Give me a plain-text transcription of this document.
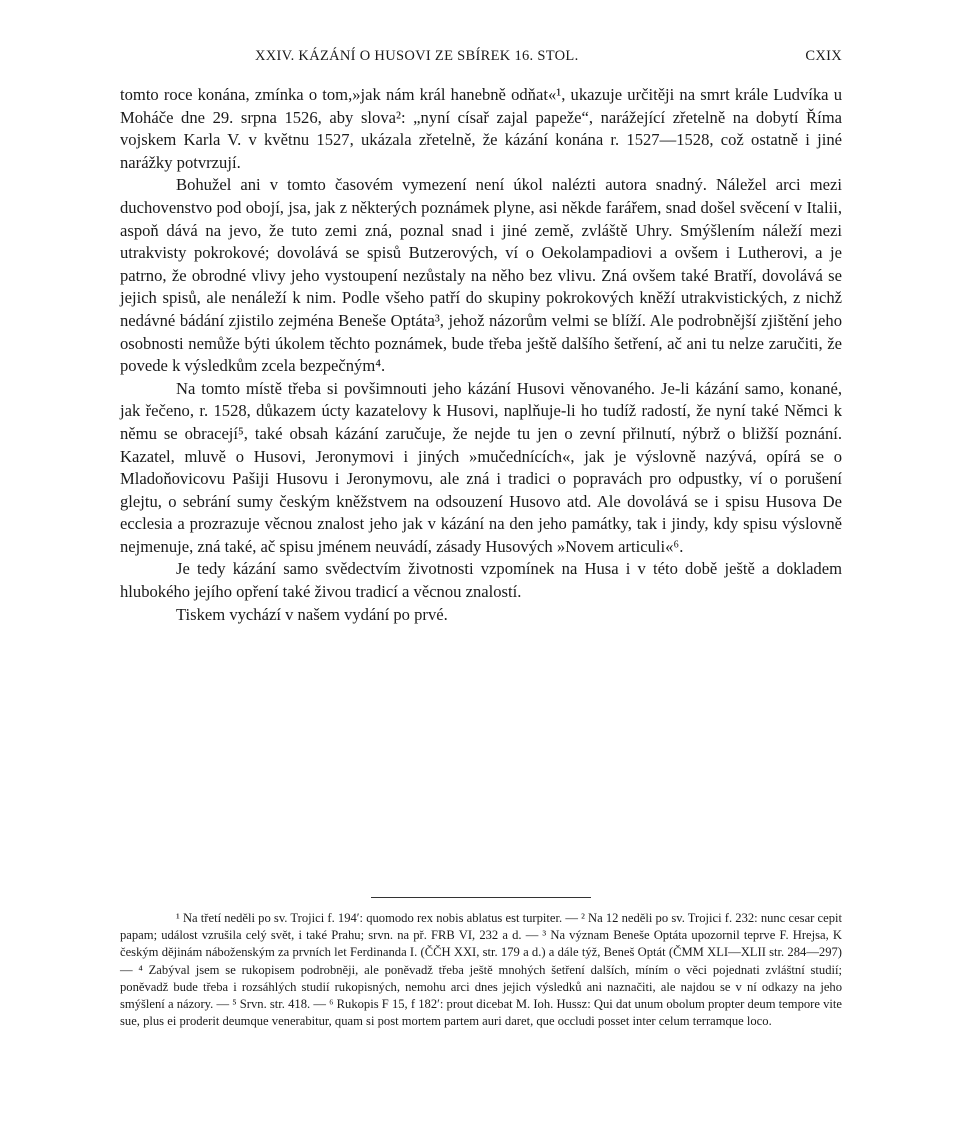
XXIV. KÁZÁNÍ O HUSOVI ZE SBÍREK 16. STOL.	CXIX

tomto roce konána, zmínka o tom,»jak nám král hanebně odňat«¹, ukazuje určitěji na smrt krále Ludvíka u Moháče dne 29. srpna 1526, aby slova²: „nyní císař zajal papeže“, narážející zřetelně na dobytí Říma vojskem Karla V. v květnu 1527, ukázala zřetelně, že kázání konána r. 1527—1528, což ostatně i jiné narážky potvrzují.

Bohužel ani v tomto časovém vymezení není úkol nalézti autora snadný. Náležel arci mezi duchovenstvo pod obojí, jsa, jak z některých poznámek plyne, asi někde farářem, snad došel svěcení v Italii, aspoň dává na jevo, že tuto zemi zná, poznal snad i jiné země, zvláště Uhry. Smýšlením náleží mezi utrakvisty pokrokové; dovolává se spisů Butzerových, ví o Oekolampadiovi a ovšem i Lutherovi, a je patrno, že obrodné vlivy jeho vystoupení nezůstaly na něho bez vlivu. Zná ovšem také Bratří, dovolává se jejich spisů, ale nenáleží k nim. Podle všeho patří do skupiny pokrokových kněží utrakvistických, z nichž nedávné bádání zjistilo zejména Beneše Optáta³, jehož názorům velmi se blíží. Ale podrobnější zjištění jeho osobnosti nemůže býti úkolem těchto poznámek, bude třeba ještě dalšího šetření, ač ani tu nelze zaručiti, že povede k výsledkům zcela bezpečným⁴.

Na tomto místě třeba si povšimnouti jeho kázání Husovi věnovaného. Je-li kázání samo, konané, jak řečeno, r. 1528, důkazem úcty kazatelovy k Husovi, naplňuje-li ho tudíž radostí, že nyní také Němci k němu se obracejí⁵, také obsah kázání zaručuje, že nejde tu jen o zevní přilnutí, nýbrž o bližší poznání. Kazatel, mluvě o Husovi, Jeronymovi i jiných »mučednících«, jak je výslovně nazývá, opírá se o Mladoňovicovu Pašiji Husovu i Jeronymovu, ale zná i tradici o popravách pro odpustky, ví o porušení glejtu, o sebrání sumy českým kněžstvem na odsouzení Husovo atd. Ale dovolává se i spisu Husova De ecclesia a prozrazuje věcnou znalost jeho jak v kázání na den jeho památky, tak i jindy, kdy spisu výslovně nejmenuje, zná také, ač spisu jménem neuvádí, zásady Husových »Novem articuli«⁶.

Je tedy kázání samo svědectvím životnosti vzpomínek na Husa i v této době ještě a dokladem hlubokého jejího opření také živou tradicí a věcnou znalostí.

Tiskem vychází v našem vydání po prvé.

¹ Na třetí neděli po sv. Trojici f. 194′: quomodo rex nobis ablatus est turpiter. — ² Na 12 neděli po sv. Trojici f. 232: nunc cesar cepit papam; událost vzrušila celý svět, i také Prahu; srvn. na př. FRB VI, 232 a d. — ³ Na význam Beneše Optáta upozornil teprve F. Hrejsa, K českým dějinám náboženským za prvních let Ferdinanda I. (ČČH XXI, str. 179 a d.) a dále týž, Beneš Optát (ČMM XLI—XLII str. 284—297) — ⁴ Zabýval jsem se rukopisem podrobněji, ale poněvadž třeba ještě mnohých šetření dalších, míním o věci pojednati zvláštní studií; poněvadž bude třeba i rozsáhlých studií rukopisných, nemohu arci dnes jejich výsledků ani naznačiti, ale najdou se v ní odkazy na jeho smýšlení a názory. — ⁵ Srvn. str. 418. — ⁶ Rukopis F 15, f 182′: prout dicebat M. Ioh. Hussz: Qui dat unum obolum propter deum tempore vite sue, plus ei proderit deumque venerabitur, quam si post mortem partem auri daret, que occludi posset inter celum terramque loco.
